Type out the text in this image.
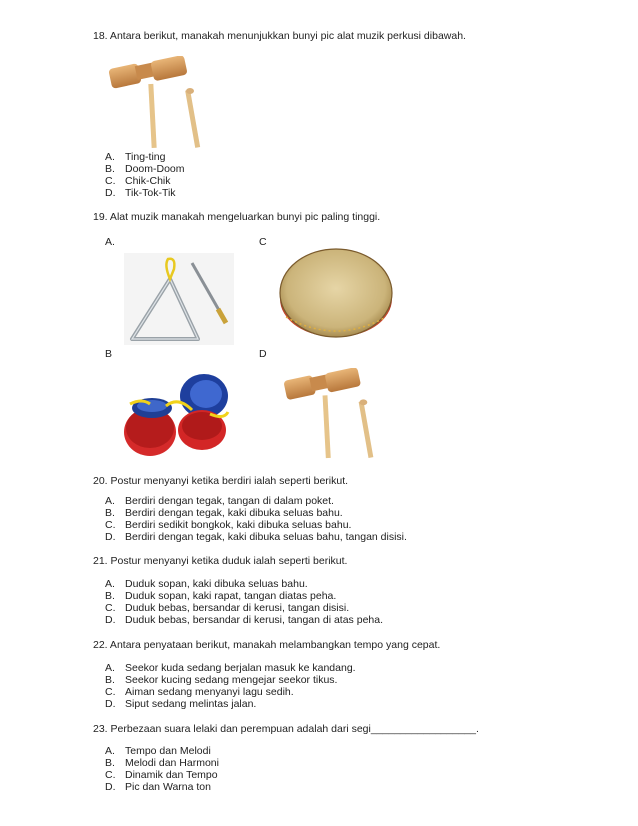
18. Antara berikut, manakah menunjukkan bunyi pic alat muzik perkusi dibawah.
A. Ting-ting
B. Doom-Doom
C. Chik-Chik
D. Tik-Tok-Tik
19. Alat muzik manakah mengeluarkan bunyi pic paling tinggi.
A.	C
B	D
20. Postur menyanyi ketika berdiri ialah seperti berikut.
A. Berdiri dengan tegak, tangan di dalam poket.
B. Berdiri dengan tegak, kaki dibuka seluas bahu.
C. Berdiri sedikit bongkok, kaki dibuka seluas bahu.
D. Berdiri dengan tegak, kaki dibuka seluas bahu, tangan disisi.
21. Postur menyanyi ketika duduk ialah seperti berikut.
A. Duduk sopan, kaki dibuka seluas bahu.
B. Duduk sopan, kaki rapat, tangan diatas peha.
C. Duduk bebas, bersandar di kerusi, tangan disisi.
D. Duduk bebas, bersandar di kerusi, tangan di atas peha.
22. Antara penyataan berikut, manakah melambangkan tempo yang cepat.
A. Seekor kuda sedang berjalan masuk ke kandang.
B. Seekor kucing sedang mengejar seekor tikus.
C. Aiman sedang menyanyi lagu sedih.
D. Siput sedang melintas jalan.
23. Perbezaan suara lelaki dan perempuan adalah dari segi__________________.
A. Tempo dan Melodi
B. Melodi dan Harmoni
C. Dinamik dan Tempo
D. Pic dan Warna ton
